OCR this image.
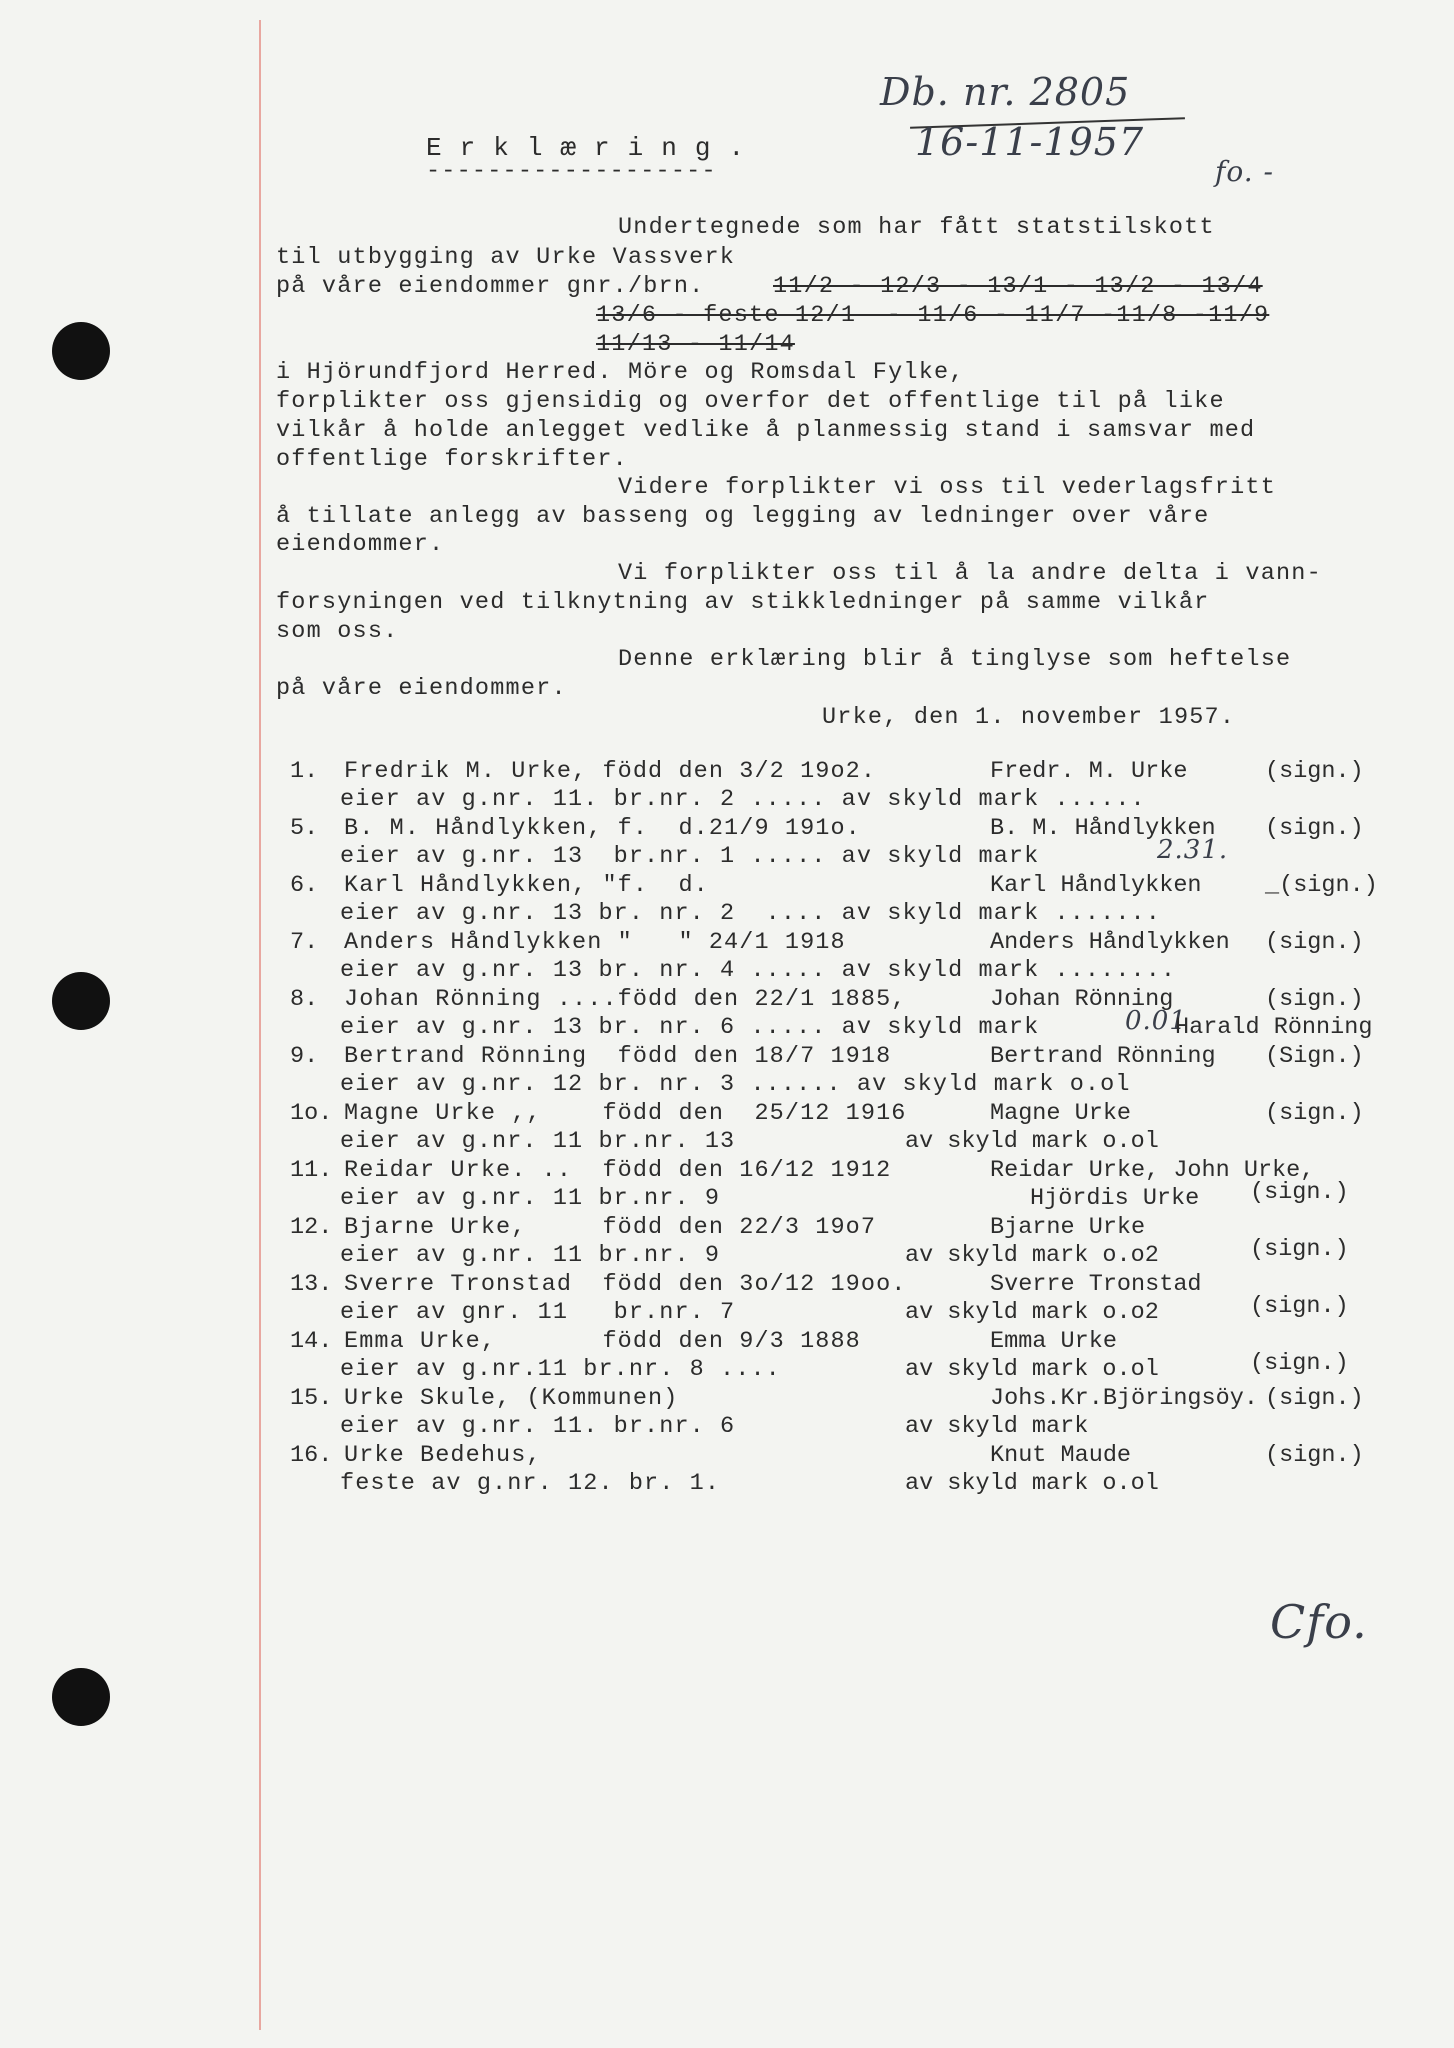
E r k l æ r i n g .
-------------------
Db. nr. 2805
16-11-1957
fo. -
Undertegnede som har fått statstilskott
til utbygging av Urke Vassverk
på våre eiendommer gnr./brn.	11/2 - 12/3 - 13/1 - 13/2 - 13/4
13/6 - feste 12/1  - 11/6 - 11/7 -11/8 -11/9
11/13 - 11/14
i Hjörundfjord Herred. Möre og Romsdal Fylke,
forplikter oss gjensidig og overfor det offentlige til på like
vilkår å holde anlegget vedlike å planmessig stand i samsvar med
offentlige forskrifter.
Videre forplikter vi oss til vederlagsfritt
å tillate anlegg av basseng og legging av ledninger over våre
eiendommer.
Vi forplikter oss til å la andre delta i vann-
forsyningen ved tilknytning av stikkledninger på samme vilkår
som oss.
Denne erklæring blir å tinglyse som heftelse
på våre eiendommer.
Urke, den 1. november 1957.
1. Fredrik M. Urke, född den 3/2 19o2.	Fredr. M. Urke	(sign.)
eier av g.nr. 11. br.nr. 2 ..... av skyld mark ......
5. B. M. Håndlykken, f.  d.21/9 191o.	B. M. Håndlykken (sign.)
eier av g.nr. 13  br.nr. 1 ..... av skyld mark	2.31.
6. Karl Håndlykken, "f.  d.	Karl Håndlykken	_(sign.)
eier av g.nr. 13 br. nr. 2  .... av skyld mark .......
7. Anders Håndlykken "   " 24/1 1918	Anders Håndlykken (sign.)
eier av g.nr. 13 br. nr. 4 ..... av skyld mark ........
8. Johan Rönning ....född den 22/1 1885,	Johan Rönning	(sign.)
eier av g.nr. 13 br. nr. 6 ..... av skyld mark	0.01
Harald Rönning
9. Bertrand Rönning  född den 18/7 1918	Bertrand Rönning (Sign.)
eier av g.nr. 12 br. nr. 3 ...... av skyld mark o.ol
1o. Magne Urke ,,    född den  25/12 1916	Magne Urke	(sign.)
eier av g.nr. 11 br.nr. 13	av skyld mark o.ol
11. Reidar Urke. ..  född den 16/12 1912	Reidar Urke, John Urke,
eier av g.nr. 11 br.nr. 9	Hjördis Urke (sign.)
12. Bjarne Urke,     född den 22/3 19o7	Bjarne Urke
eier av g.nr. 11 br.nr. 9	av skyld mark o.o2	(sign.)
13. Sverre Tronstad  född den 3o/12 19oo.	Sverre Tronstad
eier av gnr. 11   br.nr. 7	av skyld mark o.o2	(sign.)
14. Emma Urke,       född den 9/3 1888	Emma Urke
eier av g.nr.11 br.nr. 8 ....	av skyld mark o.ol	(sign.)
15. Urke Skule, (Kommunen)	Johs.Kr.Björingsöy. (sign.)
eier av g.nr. 11. br.nr. 6	av skyld mark
16. Urke Bedehus,	Knut Maude	(sign.)
feste av g.nr. 12. br. 1.	av skyld mark o.ol
Cfo.
